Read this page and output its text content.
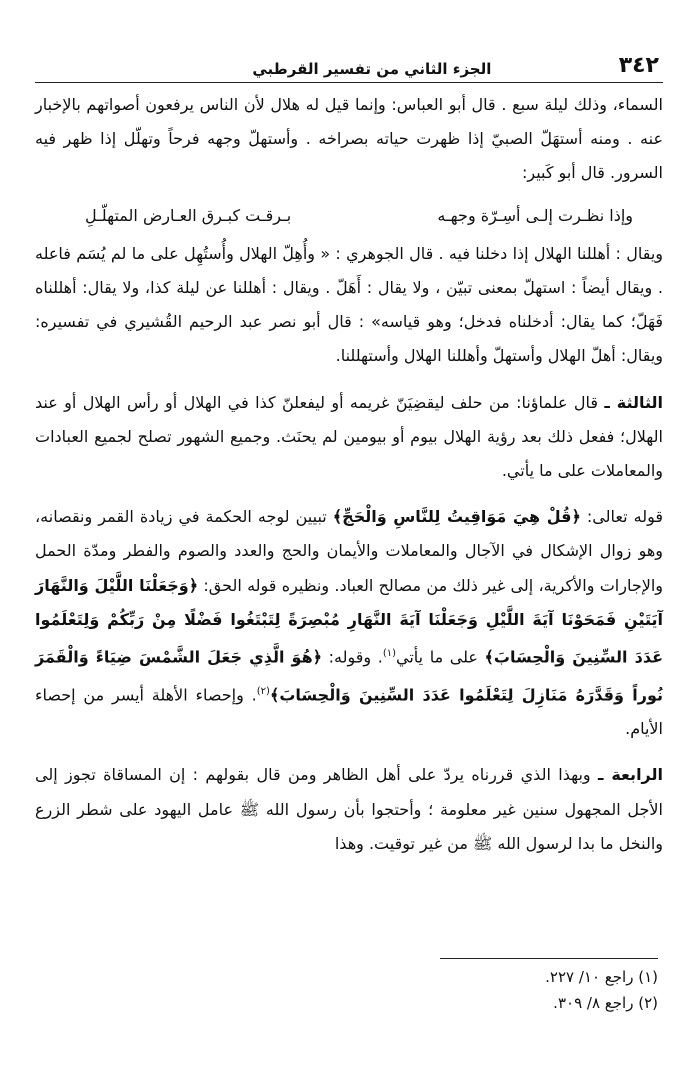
٣٤٢
الجزء الثاني من تفسير القرطبي

السماء، وذلك ليلة سبع . قال أبو العباس: وإنما قيل له هلال لأن الناس يرفعون أصواتهم بالإخبار عنه . ومنه أستهَلّ الصبيّ إذا ظهرت حياته بصراخه . وأستهلّ وجهه فرحاً وتهلّل إذا ظهر فيه السرور. قال أبو كَبير:

وإذا نظـرت إلـى أسِـرّة وجهـه
بـرقـت كبـرق العـارض المتهلّـلِ

ويقال : أهللنا الهلال إذا دخلنا فيه . قال الجوهري : « وأُهِلّ الهلال وأُستُهِل على ما لم يُسَم فاعله . ويقال أيضاً : استهلّ بمعنى تبيّن ، ولا يقال : أَهَلّ . ويقال : أهللنا عن ليلة كذا، ولا يقال: أهللناه فَهَلّ؛ كما يقال: أدخلناه فدخل؛ وهو قياسه» : قال أبو نصر عبد الرحيم القُشيري في تفسيره: ويقال: أهلّ الهلال وأستهلّ وأهللنا الهلال وأستهللنا.

الثالثة ـ قال علماؤنا: من حلف ليقضِيَنّ غريمه أو ليفعلنّ كذا في الهلال أو رأس الهلال أو عند الهلال؛ ففعل ذلك بعد رؤية الهلال بيوم أو بيومين لم يحنَث. وجميع الشهور تصلح لجميع العبادات والمعاملات على ما يأتي.

قوله تعالى: ﴿قُلْ هِيَ مَوَاقِيتُ لِلنَّاسِ وَالْحَجِّ﴾ تبيين لوجه الحكمة في زيادة القمر ونقصانه، وهو زوال الإشكال في الآجال والمعاملات والأيمان والحج والعدد والصوم والفطر ومدّة الحمل والإجارات والأكرية، إلى غير ذلك من مصالح العباد. ونظيره قوله الحق: ﴿وَجَعَلْنَا اللَّيْلَ وَالنَّهَارَ آيَتَيْنِ فَمَحَوْنَا آيَةَ اللَّيْلِ وَجَعَلْنَا آيَةَ النَّهَارِ مُبْصِرَةً لِتَبْتَغُوا فَضْلًا مِنْ رَبِّكُمْ وَلِتَعْلَمُوا عَدَدَ السِّنِينَ وَالْحِسَابَ﴾ على ما يأتي$^{(١)}$. وقوله: ﴿هُوَ الَّذِي جَعَلَ الشَّمْسَ ضِيَاءً وَالْقَمَرَ نُوراً وَقَدَّرَهُ مَنَازِلَ لِتَعْلَمُوا عَدَدَ السِّنِينَ وَالْحِسَابَ﴾$^{(٢)}$. وإحصاء الأهلة أيسر من إحصاء الأيام.

الرابعة ـ وبهذا الذي قررناه يردّ على أهل الظاهر ومن قال بقولهم : إن المساقاة تجوز إلى الأجل المجهول سنين غير معلومة ؛ وأحتجوا بأن رسول الله ﷺ عامل اليهود على شطر الزرع والنخل ما بدا لرسول الله ﷺ من غير توقيت. وهذا

(١) راجع ١٠/ ٢٢٧.
(٢) راجع ٨/ ٣٠٩.
